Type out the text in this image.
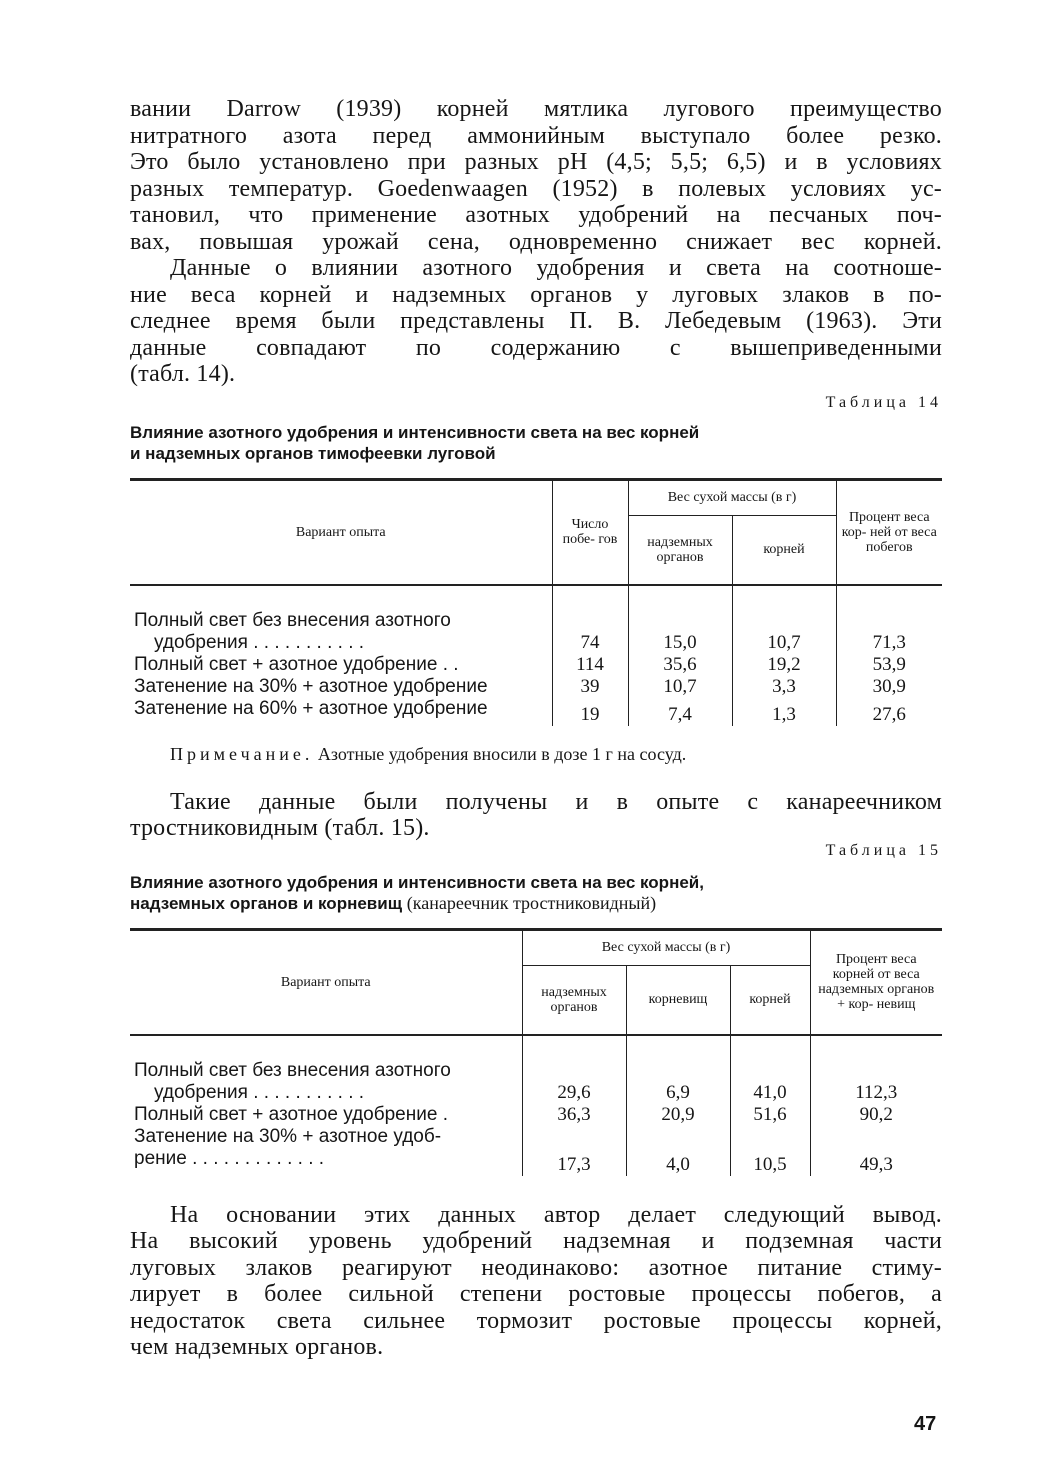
вании Darrow (1939) корней мятлика лугового преимущество
нитратного азота перед аммонийным выступало более резко.
Это было установлено при разных pH (4,5; 5,5; 6,5) и в условиях
разных температур. Goedenwaagen (1952) в полевых условиях ус-
тановил, что применение азотных удобрений на песчаных поч-
вах, повышая урожай сена, одновременно снижает вес корней.

Данные о влиянии азотного удобрения и света на соотноше-
ние веса корней и надземных органов у луговых злаков в по-
следнее время были представлены П. В. Лебедевым (1963). Эти
данные совпадают по содержанию с вышеприведенными
(табл. 14).

Таблица 14

Влияние азотного удобрения и интенсивности света на вес корней

и надземных органов тимофеевки луговой

Вариант опыта	Число побе- гов	Вес сухой массы (в г)		Процент веса кор- ней от веса побегов
		надземных органов	корней	
Полный свет без внесения азотного				
удобрения . . . . . . . . . . .	74	15,0	10,7	71,3
Полный свет + азотное удобрение . .	114	35,6	19,2	53,9
Затенение на 30% + азотное удобрение	39	10,7	3,3	30,9
Затенение на 60% + азотное удобрение	19	7,4	1,3	27,6

Примечание. Азотные удобрения вносили в дозе 1 г на сосуд.

Такие данные были получены и в опыте с канареечником
тростниковидным (табл. 15).

Таблица 15

Влияние азотного удобрения и интенсивности света на вес корней,

надземных органов и корневищ (канареечник тростниковидный)

Вариант опыта	Вес сухой массы (в г)			Процент веса корней от веса надземных органов + кор- невищ
	надземных органов	корневищ	корней	
Полный свет без внесения азотного				
удобрения . . . . . . . . . . .	29,6	6,9	41,0	112,3
Полный свет + азотное удобрение .	36,3	20,9	51,6	90,2
Затенение на 30% + азотное удоб-				
рение . . . . . . . . . . . . .	17,3	4,0	10,5	49,3

На основании этих данных автор делает следующий вывод.
На высокий уровень удобрений надземная и подземная части
луговых злаков реагируют неодинаково: азотное питание стиму-
лирует в более сильной степени ростовые процессы побегов, а
недостаток света сильнее тормозит ростовые процессы корней,
чем надземных органов.

47
